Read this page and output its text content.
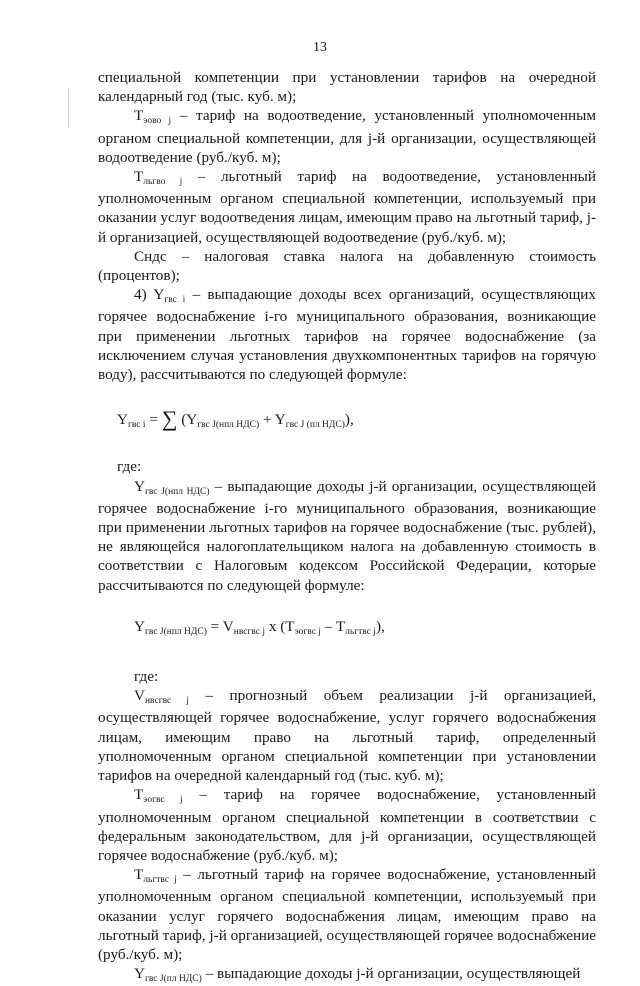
13

специальной компетенции при установлении тарифов на очередной календарный год (тыс. куб. м);

Тэово j – тариф на водоотведение, установленный уполномоченным органом специальной компетенции, для j-й организации, осуществляющей водоотведение (руб./куб. м);

Тльгво j – льготный тариф на водоотведение, установленный уполномоченным органом специальной компетенции, используемый при оказании услуг водоотведения лицам, имеющим право на льготный тариф, j-й организацией, осуществляющей водоотведение (руб./куб. м);

Сндс – налоговая ставка налога на добавленную стоимость (процентов);

4) Yгвс i – выпадающие доходы всех организаций, осуществляющих горячее водоснабжение i-го муниципального образования, возникающие при применении льготных тарифов на горячее водоснабжение (за исключением случая установления двухкомпонентных тарифов на горячую воду), рассчитываются по следующей формуле:

Yгвс i = ∑ (Yгвс J(нпл НДС) + Yгвс J (пл НДС)),

где:

Yгвс J(нпл НДС) – выпадающие доходы j-й организации, осуществляющей горячее водоснабжение i-го муниципального образования, возникающие при применении льготных тарифов на горячее водоснабжение (тыс. рублей), не являющейся налогоплательщиком налога на добавленную стоимость в соответствии с Налоговым кодексом Российской Федерации, которые рассчитываются по следующей формуле:

Yгвс J(нпл НДС) = Vнвсгвс j x (Tэогвс j – Tльгтвс j),

где:

Vнвсгвс j – прогнозный объем реализации j-й организацией, осуществляющей горячее водоснабжение, услуг горячего водоснабжения лицам, имеющим право на льготный тариф, определенный уполномоченным органом специальной компетенции при установлении тарифов на очередной календарный год (тыс. куб. м);

Тэогвс j – тариф на горячее водоснабжение, установленный уполномоченным органом специальной компетенции в соответствии с федеральным законодательством, для j-й организации, осуществляющей горячее водоснабжение (руб./куб. м);

Тльгтвс j – льготный тариф на горячее водоснабжение, установленный уполномоченным органом специальной компетенции, используемый при оказании услуг горячего водоснабжения лицам, имеющим право на льготный тариф, j-й организацией, осуществляющей горячее водоснабжение (руб./куб. м);

Yгвс J(пл НДС) – выпадающие доходы j-й организации, осуществляющей
